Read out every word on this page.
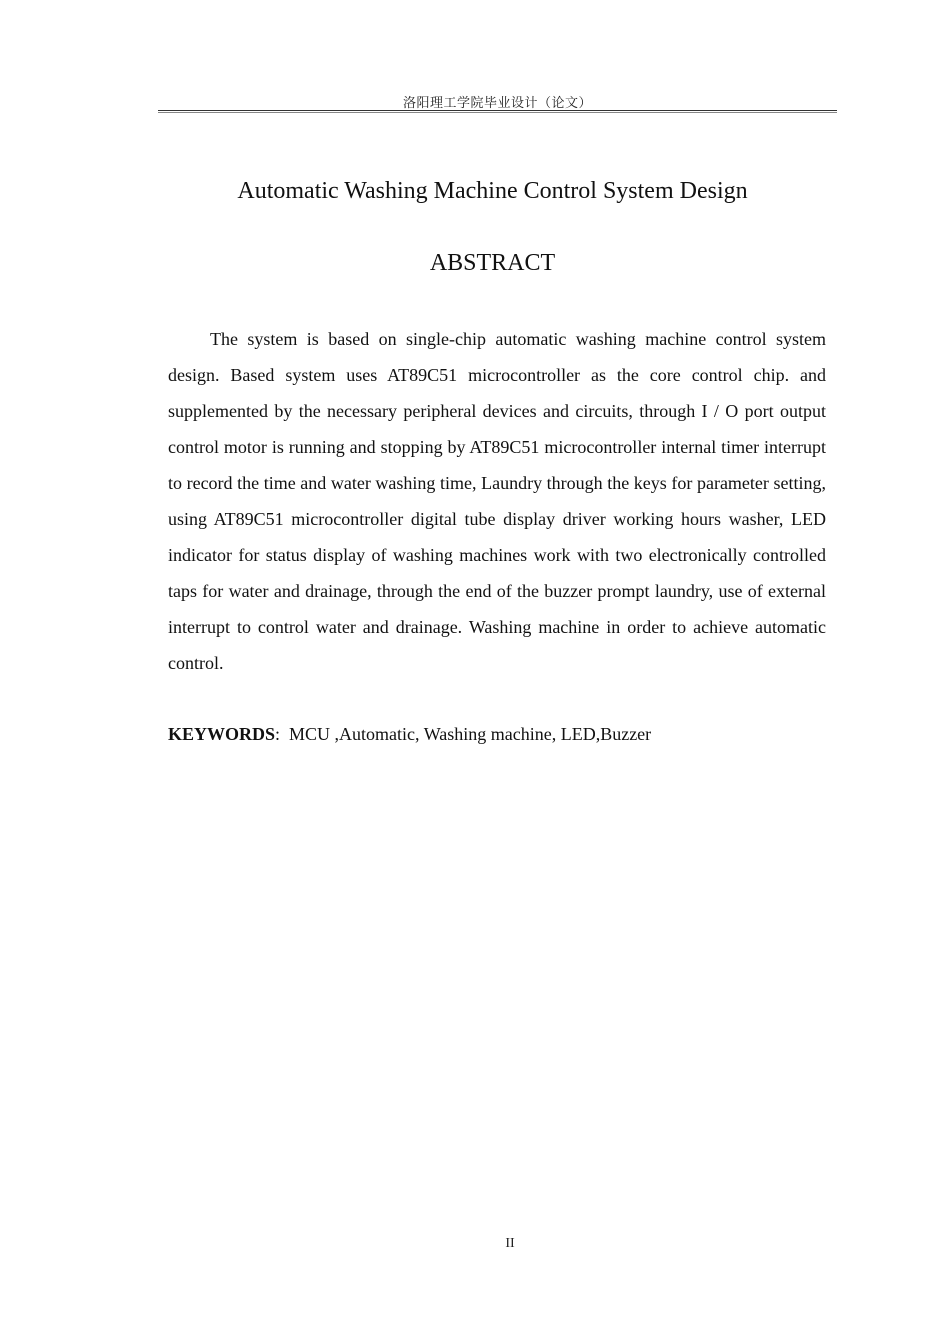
洛阳理工学院毕业设计（论文）
Automatic Washing Machine Control System Design
ABSTRACT

The system is based on single-chip automatic washing machine control system design. Based system uses AT89C51 microcontroller as the core control chip. and supplemented by the necessary peripheral devices and circuits, through I / O port output control motor is running and stopping by AT89C51 microcontroller internal timer interrupt to record the time and water washing time, Laundry through the keys for parameter setting, using AT89C51 microcontroller digital tube display driver working hours washer, LED indicator for status display of washing machines work with two electronically controlled taps for water and drainage, through the end of the buzzer prompt laundry, use of external interrupt to control water and drainage. Washing machine in order to achieve automatic control.

KEYWORDS:  MCU ,Automatic, Washing machine, LED,Buzzer
II
